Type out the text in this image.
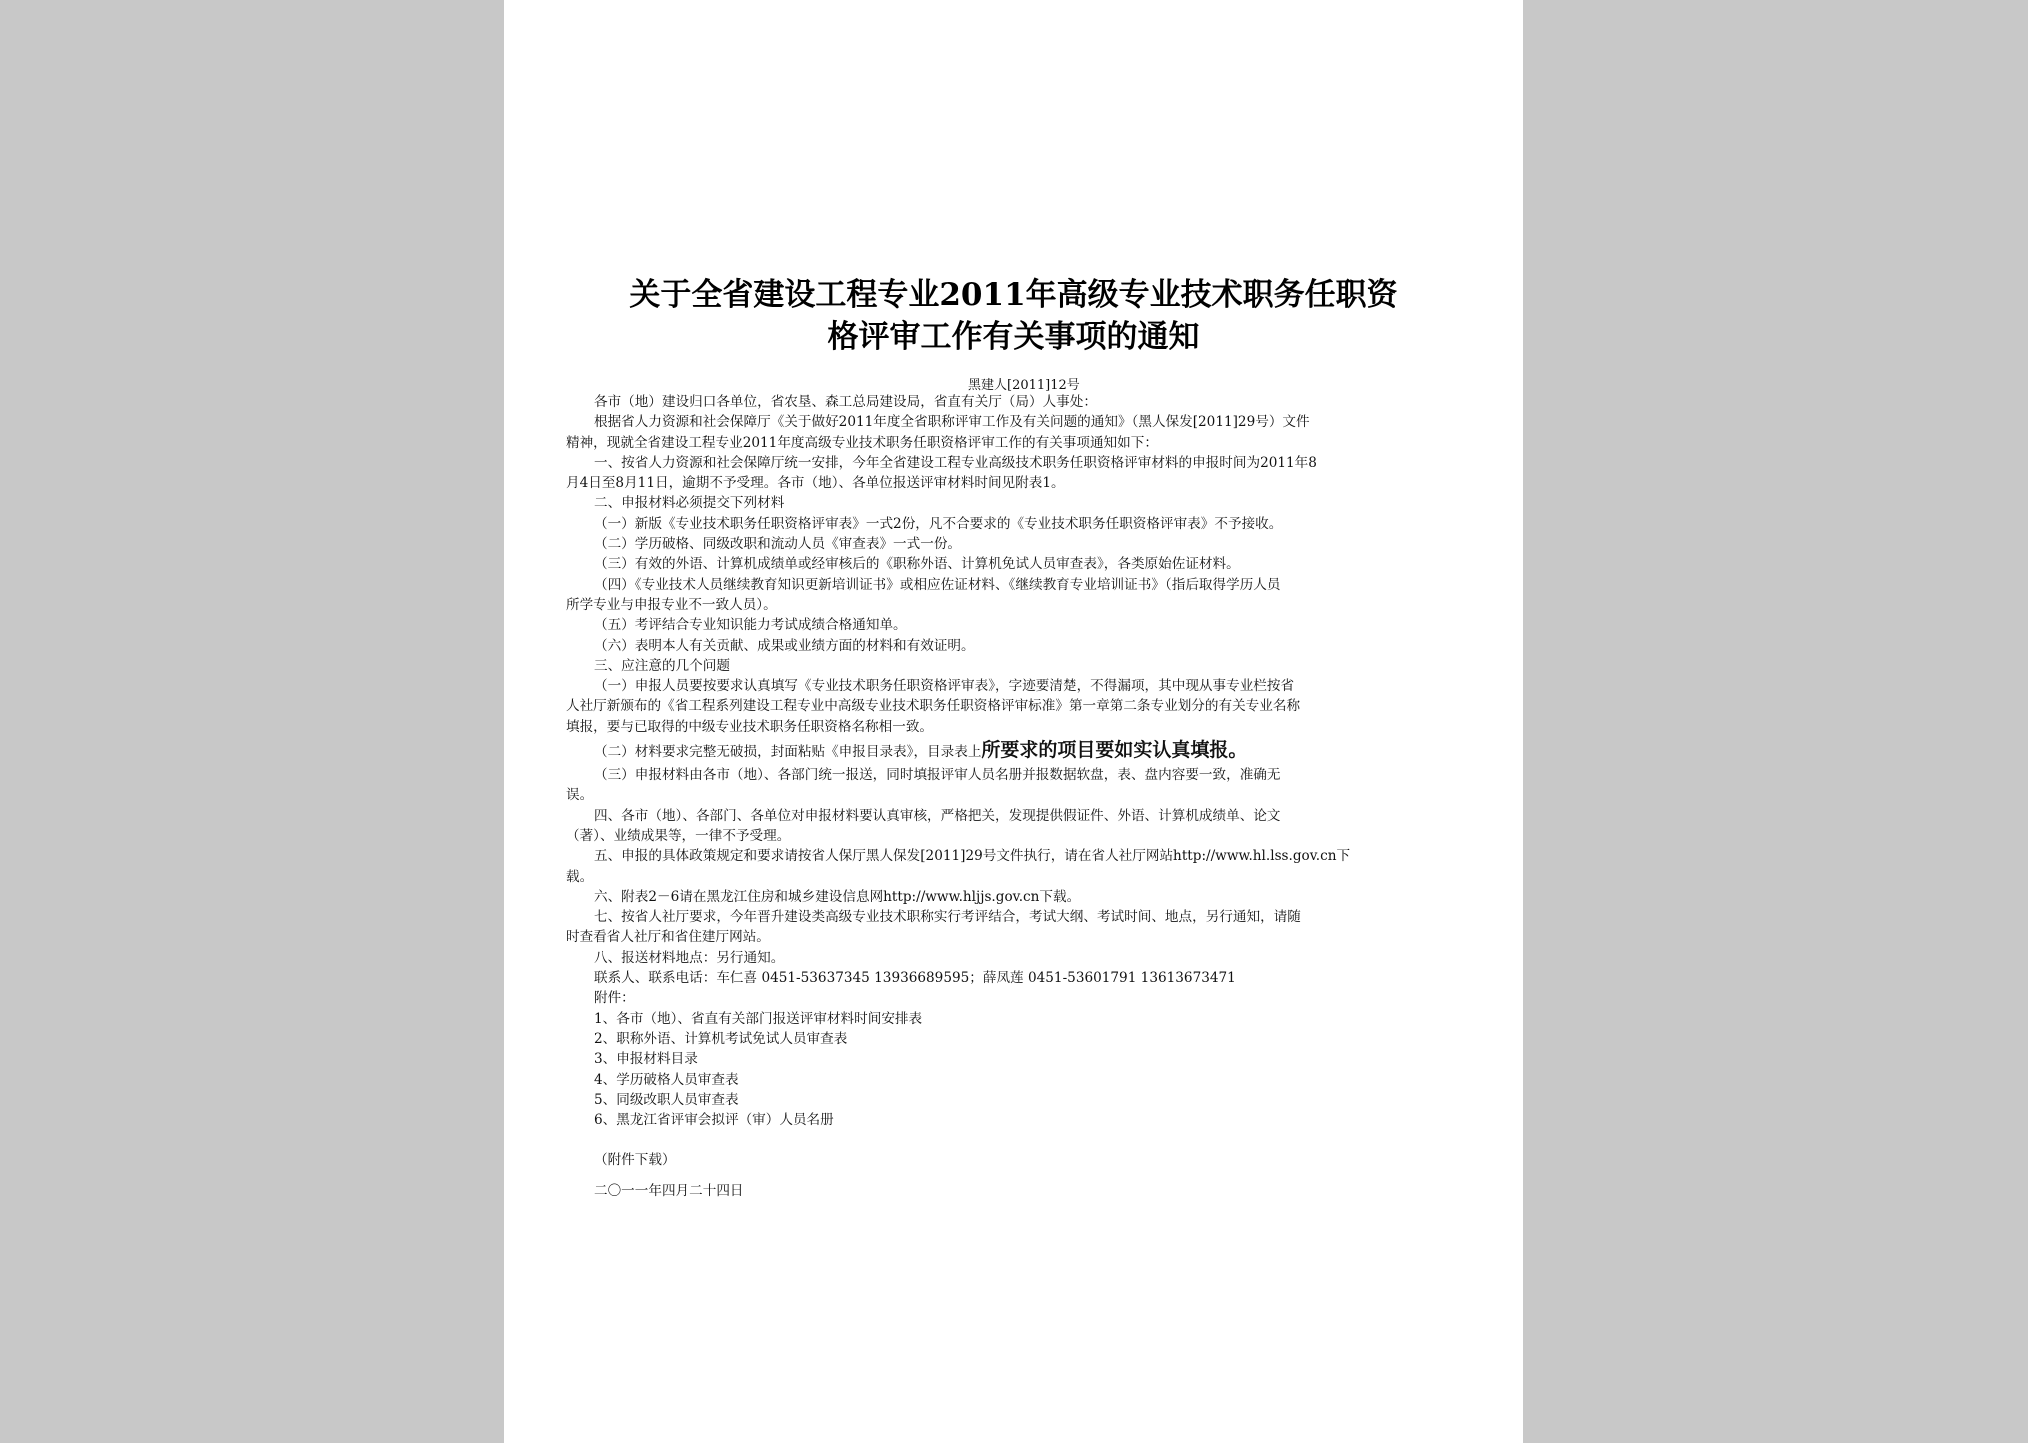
关于全省建设工程专业2011年高级专业技术职务任职资
格评审工作有关事项的通知
黑建人[2011]12号

各市（地）建设归口各单位，省农垦、森工总局建设局，省直有关厅（局）人事处：

根据省人力资源和社会保障厅《关于做好2011年度全省职称评审工作及有关问题的通知》（黑人保发[2011]29号）文件

精神，现就全省建设工程专业2011年度高级专业技术职务任职资格评审工作的有关事项通知如下：

一、按省人力资源和社会保障厅统一安排，今年全省建设工程专业高级技术职务任职资格评审材料的申报时间为2011年8

月4日至8月11日，逾期不予受理。各市（地）、各单位报送评审材料时间见附表1。

二、申报材料必须提交下列材料

（一）新版《专业技术职务任职资格评审表》一式2份，凡不合要求的《专业技术职务任职资格评审表》不予接收。

（二）学历破格、同级改职和流动人员《审查表》一式一份。

（三）有效的外语、计算机成绩单或经审核后的《职称外语、计算机免试人员审查表》，各类原始佐证材料。

（四）《专业技术人员继续教育知识更新培训证书》或相应佐证材料、《继续教育专业培训证书》（指后取得学历人员

所学专业与申报专业不一致人员）。

（五）考评结合专业知识能力考试成绩合格通知单。

（六）表明本人有关贡献、成果或业绩方面的材料和有效证明。

三、应注意的几个问题

（一）申报人员要按要求认真填写《专业技术职务任职资格评审表》，字迹要清楚，不得漏项，其中现从事专业栏按省

人社厅新颁布的《省工程系列建设工程专业中高级专业技术职务任职资格评审标准》第一章第二条专业划分的有关专业名称

填报，要与已取得的中级专业技术职务任职资格名称相一致。

（二）材料要求完整无破损，封面粘贴《申报目录表》，目录表上所要求的项目要如实认真填报。

（三）申报材料由各市（地）、各部门统一报送，同时填报评审人员名册并报数据软盘，表、盘内容要一致，准确无

误。

四、各市（地）、各部门、各单位对申报材料要认真审核，严格把关，发现提供假证件、外语、计算机成绩单、论文

（著）、业绩成果等，一律不予受理。

五、申报的具体政策规定和要求请按省人保厅黑人保发[2011]29号文件执行，请在省人社厅网站http://www.hl.lss.gov.cn下

载。

六、附表2－6请在黑龙江住房和城乡建设信息网http://www.hljjs.gov.cn下载。

七、按省人社厅要求，今年晋升建设类高级专业技术职称实行考评结合，考试大纲、考试时间、地点，另行通知，请随

时查看省人社厅和省住建厅网站。

八、报送材料地点：另行通知。

联系人、联系电话：车仁喜 0451-53637345 13936689595；薛凤莲 0451-53601791 13613673471

附件：

1、各市（地）、省直有关部门报送评审材料时间安排表

2、职称外语、计算机考试免试人员审查表

3、申报材料目录

4、学历破格人员审查表

5、同级改职人员审查表

6、黑龙江省评审会拟评（审）人员名册

（附件下载）

二〇一一年四月二十四日
